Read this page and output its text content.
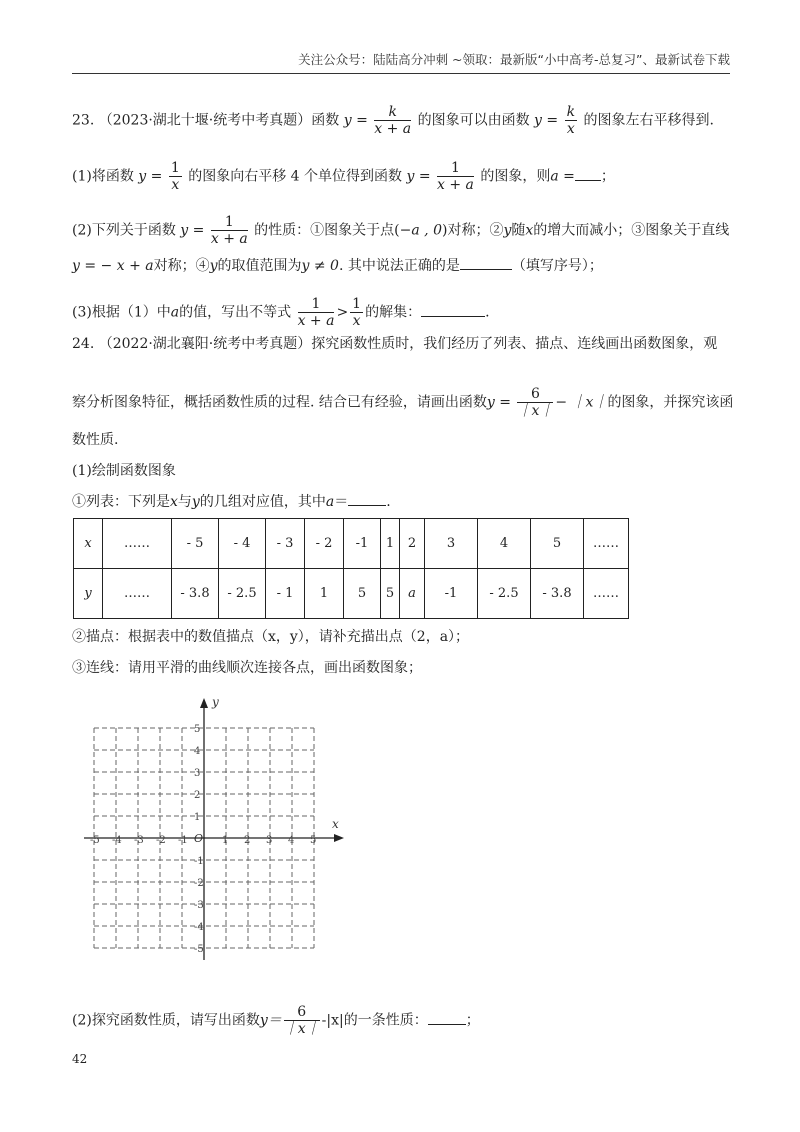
关注公众号：陆陆高分冲刺 ~领取：最新版“小中高考-总复习”、最新试卷下载
23. （2023·湖北十堰·统考中考真题）函数 $y = \frac{k}{x + a}$ 的图象可以由函数 $y = \frac{k}{x}$ 的图象左右平移得到.
(1)将函数 $y = \frac{1}{x}$ 的图象向右平移 4 个单位得到函数 $y = \frac{1}{x + a}$ 的图象，则a = ；
(2)下列关于函数 $y = \frac{1}{x + a}$ 的性质：①图象关于点(−a , 0)对称；②y随x的增大而减小；③图象关于直线
y = − x + a对称；④y的取值范围为y ≠ 0. 其中说法正确的是	（填写序号）；
(3)根据（1）中a的值，写出不等式 $\frac{1}{x + a} > \frac{1}{x}$ 的解集：	.
24. （2022·湖北襄阳·统考中考真题）探究函数性质时，我们经历了列表、描点、连线画出函数图象，观
察分析图象特征，概括函数性质的过程. 结合已有经验，请画出函数$y = \frac{6}{|x|}$ − ｜x｜的图象，并探究该函
数性质.
(1)绘制函数图象
①列表：下列是x与y的几组对应值，其中a＝	.
x	……	- 5	- 4	- 3	- 2	-1	1	2	3	4	5	……
y	……	- 3.8	- 2.5	- 1	1	5	5	a	-1	- 2.5	- 3.8	……
②描点：根据表中的数值描点（x，y），请补充描出点（2，a）；
③连线：请用平滑的曲线顺次连接各点，画出函数图象；
x
y
O
-5 -4 -3 -2 -1	1 2 3 4 5
5
4
3
2
1
-1
-2
-3
-4
-5
(2)探究函数性质，请写出函数$y= \frac{6}{|x|} -|x|$的一条性质：	；
42
